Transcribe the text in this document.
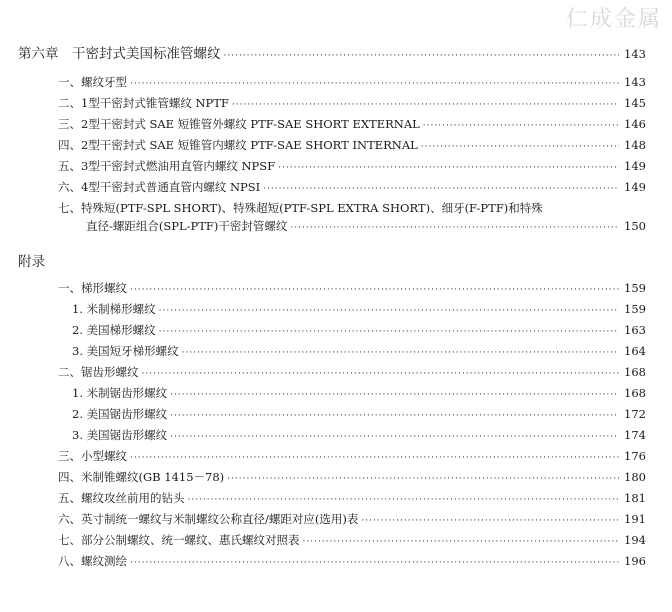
仁成金属
第六章　干密封式美国标准管螺纹 ·····	143
一、螺纹牙型 ·····	143
二、1型干密封式锥管螺纹 NPTF ·····	145
三、2型干密封式 SAE 短锥管外螺纹 PTF-SAE SHORT EXTERNAL ·····	146
四、2型干密封式 SAE 短锥管内螺纹 PTF-SAE SHORT INTERNAL ·····	148
五、3型干密封式燃油用直管内螺纹 NPSF ·····	149
六、4型干密封式普通直管内螺纹 NPSI ·····	149
七、特殊短(PTF-SPL SHORT)、特殊超短(PTF-SPL EXTRA SHORT)、细牙(F-PTF)和特殊
直径-螺距组合(SPL-PTF)干密封管螺纹 ·····	150
附录
一、梯形螺纹 ·····	159
1. 米制梯形螺纹 ·····	159
2. 美国梯形螺纹 ·····	163
3. 美国短牙梯形螺纹 ·····	164
二、锯齿形螺纹 ·····	168
1. 米制锯齿形螺纹 ·····	168
2. 美国锯齿形螺纹 ·····	172
3. 美国锯齿形螺纹 ·····	174
三、小型螺纹 ·····	176
四、米制锥螺纹(GB 1415－78) ·····	180
五、螺纹攻丝前用的钻头 ·····	181
六、英寸制统一螺纹与米制螺纹公称直径/螺距对应(选用)表 ·····	191
七、部分公制螺纹、统一螺纹、惠氏螺纹对照表 ·····	194
八、螺纹测绘 ·····	196
